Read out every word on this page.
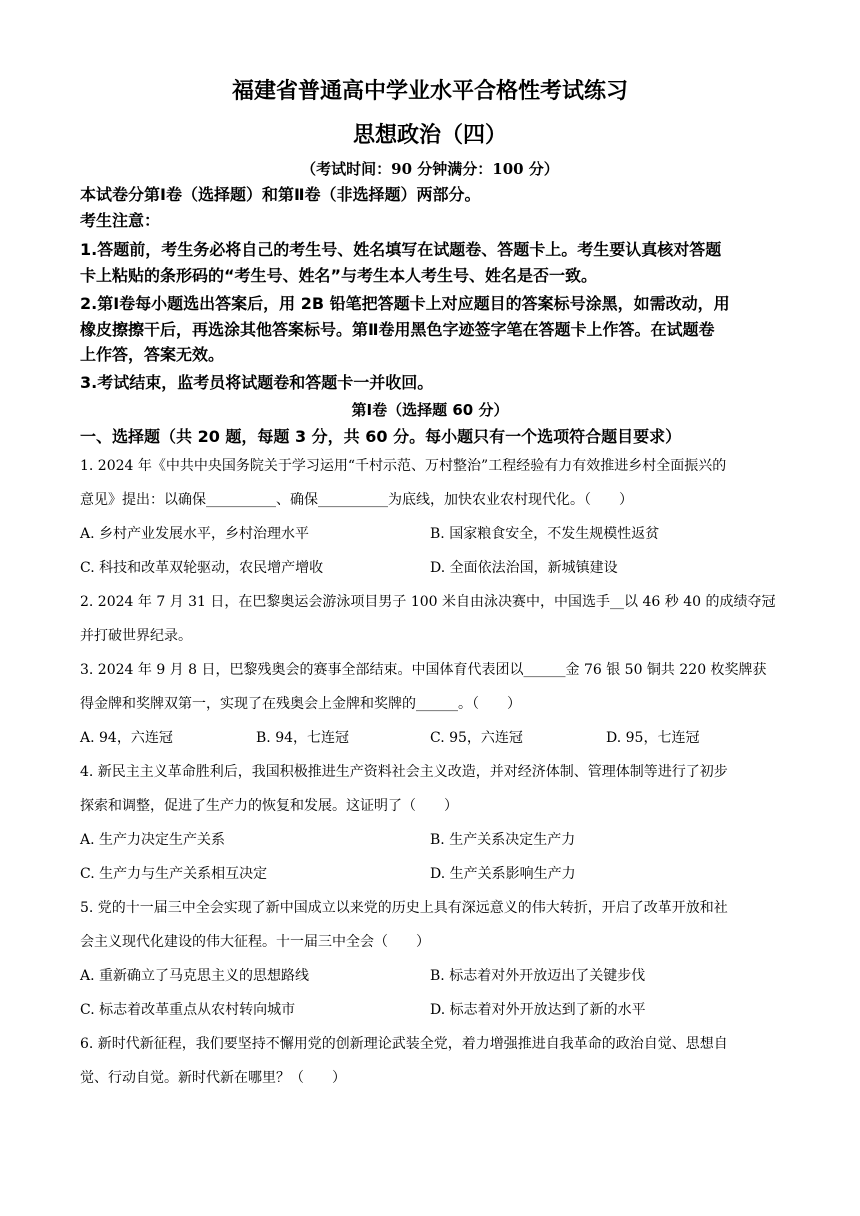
福建省普通高中学业水平合格性考试练习
思想政治（四）
（考试时间：90 分钟满分：100 分）
本试卷分第Ⅰ卷（选择题）和第Ⅱ卷（非选择题）两部分。
考生注意：
1.答题前，考生务必将自己的考生号、姓名填写在试题卷、答题卡上。考生要认真核对答题
卡上粘贴的条形码的“考生号、姓名”与考生本人考生号、姓名是否一致。
2.第Ⅰ卷每小题选出答案后，用 2B 铅笔把答题卡上对应题目的答案标号涂黑，如需改动，用
橡皮擦擦干后，再选涂其他答案标号。第Ⅱ卷用黑色字迹签字笔在答题卡上作答。在试题卷
上作答，答案无效。
3.考试结束，监考员将试题卷和答题卡一并收回。
第Ⅰ卷（选择题 60 分）
一、选择题（共 20 题，每题 3 分，共 60 分。每小题只有一个选项符合题目要求）
1. 2024 年《中共中央国务院关于学习运用“千村示范、万村整治”工程经验有力有效推进乡村全面振兴的
意见》提出：以确保__________、确保__________为底线，加快农业农村现代化。（　　）
A. 乡村产业发展水平，乡村治理水平	B. 国家粮食安全，不发生规模性返贫
C. 科技和改革双轮驱动，农民增产增收	D. 全面依法治国，新城镇建设
2. 2024 年 7 月 31 日，在巴黎奥运会游泳项目男子 100 米自由泳决赛中，中国选手__以 46 秒 40 的成绩夺冠
并打破世界纪录。
3. 2024 年 9 月 8 日，巴黎残奥会的赛事全部结束。中国体育代表团以______金 76 银 50 铜共 220 枚奖牌获
得金牌和奖牌双第一，实现了在残奥会上金牌和奖牌的______。（　　）
A. 94，六连冠	B. 94，七连冠	C. 95，六连冠	D. 95，七连冠
4. 新民主主义革命胜利后，我国积极推进生产资料社会主义改造，并对经济体制、管理体制等进行了初步
探索和调整，促进了生产力的恢复和发展。这证明了（　　）
A. 生产力决定生产关系	B. 生产关系决定生产力
C. 生产力与生产关系相互决定	D. 生产关系影响生产力
5. 党的十一届三中全会实现了新中国成立以来党的历史上具有深远意义的伟大转折，开启了改革开放和社
会主义现代化建设的伟大征程。十一届三中全会（　　）
A. 重新确立了马克思主义的思想路线	B. 标志着对外开放迈出了关键步伐
C. 标志着改革重点从农村转向城市	D. 标志着对外开放达到了新的水平
6. 新时代新征程，我们要坚持不懈用党的创新理论武装全党，着力增强推进自我革命的政治自觉、思想自
觉、行动自觉。新时代新在哪里？（　　）
